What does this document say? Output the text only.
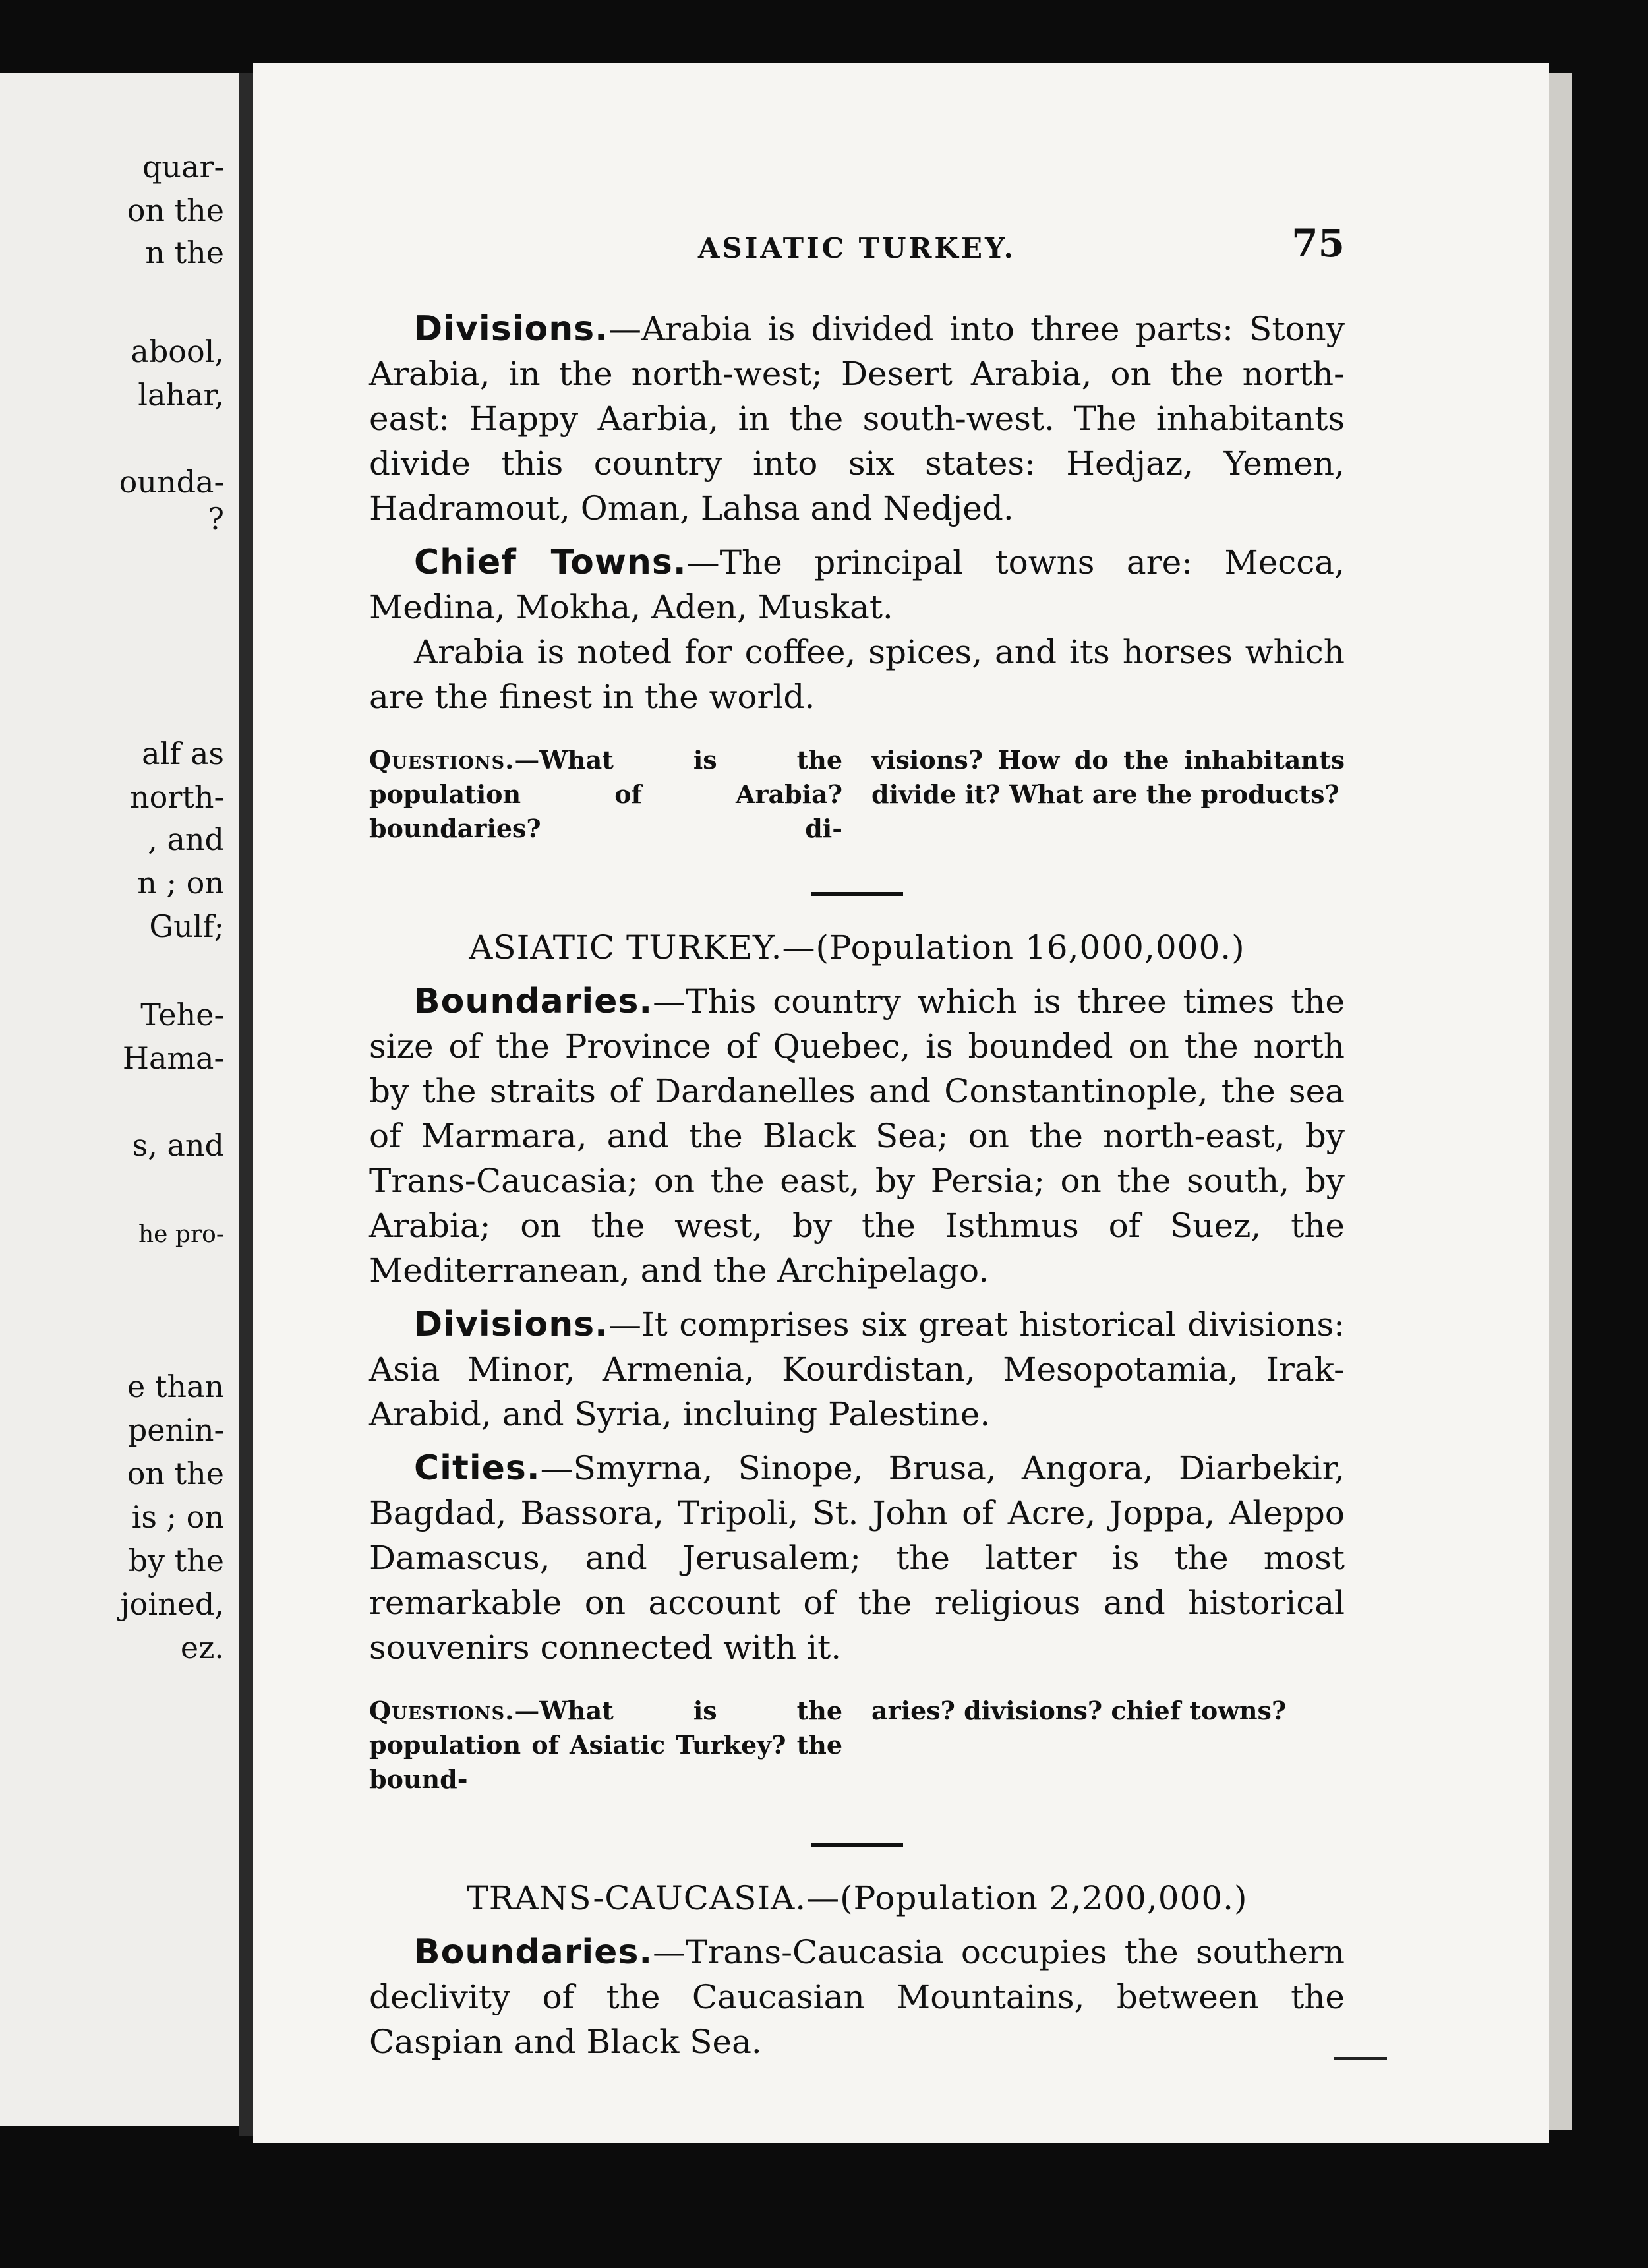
quar-
on the
n the
abool,
lahar,
ounda-
?
alf as
north-
, and
n ; on
Gulf;
Tehe-
Hama-
s, and
he pro-
e than
penin-
on the
is ; on
by the
joined,
ez.
ASIATIC TURKEY.	75

Divisions.—Arabia is divided into three parts: Stony Arabia, in the north-west; Desert Arabia, on the north-east: Happy Aarbia, in the south-west. The inhabitants divide this country into six states: Hedjaz, Yemen, Hadramout, Oman, Lahsa and Nedjed.

Chief Towns.—The principal towns are: Mecca, Medina, Mokha, Aden, Muskat.

Arabia is noted for coffee, spices, and its horses which are the finest in the world.

Questions.—What is the population of Arabia? boundaries? di-
visions? How do the inhabitants divide it? What are the products?
ASIATIC TURKEY.—(Population 16,000,000.)

Boundaries.—This country which is three times the size of the Province of Quebec, is bounded on the north by the straits of Dardanelles and Constantinople, the sea of Marmara, and the Black Sea; on the north-east, by Trans-Caucasia; on the east, by Persia; on the south, by Arabia; on the west, by the Isthmus of Suez, the Mediterranean, and the Archipelago.

Divisions.—It comprises six great historical divisions: Asia Minor, Armenia, Kourdistan, Mesopotamia, Irak-Arabid, and Syria, incluing Palestine.

Cities.—Smyrna, Sinope, Brusa, Angora, Diarbekir, Bagdad, Bassora, Tripoli, St. John of Acre, Joppa, Aleppo Damascus, and Jerusalem; the latter is the most remarkable on account of the religious and historical souvenirs connected with it.

Questions.—What is the population of Asiatic Turkey? the bound-
aries? divisions? chief towns?
TRANS-CAUCASIA.—(Population 2,200,000.)

Boundaries.—Trans-Caucasia occupies the southern declivity of the Caucasian Mountains, between the Caspian and Black Sea.
